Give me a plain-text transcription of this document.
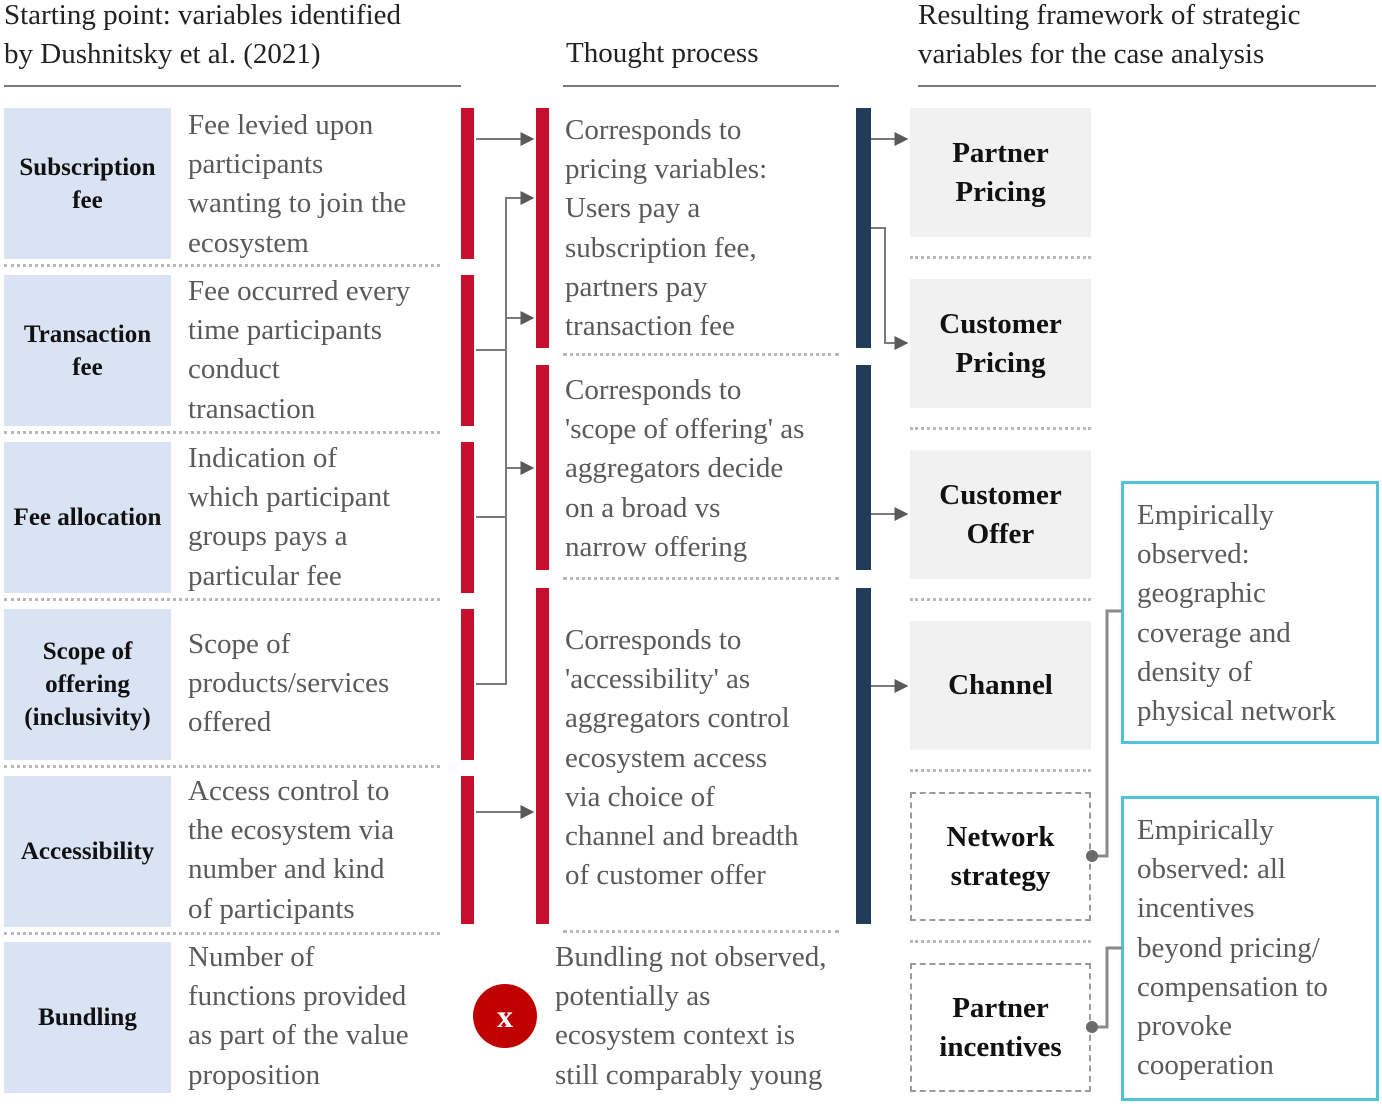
Starting point: variables identified
by Dushnitsky et al. (2021)	Thought process
Resulting framework of strategic
variables for the case analysis
Subscription
fee
Fee levied upon
participants
wanting to join the
ecosystem
Transaction
fee
Fee occurred every
time participants
conduct
transaction
Fee allocation
Indication of
which participant
groups pays a
particular fee
Scope of
offering
(inclusivity)
Scope of
products/services
offered
Accessibility
Access control to
the ecosystem via
number and kind
of participants
Bundling
Number of
functions provided
as part of the value
proposition
Corresponds to
pricing variables:
Users pay a
subscription fee,
partners pay
transaction fee
Corresponds to
'scope of offering' as
aggregators decide
on a broad vs
narrow offering
Corresponds to
'accessibility' as
aggregators control
ecosystem access
via choice of
channel and breadth
of customer offer
x
Bundling not observed,
potentially as
ecosystem context is
still comparably young
Partner
Pricing
Customer
Pricing
Customer
Offer
Channel
Network
strategy
Partner
incentives
Empirically
observed:
geographic
coverage and
density of
physical network
Empirically
observed: all
incentives
beyond pricing/
compensation to
provoke
cooperation
